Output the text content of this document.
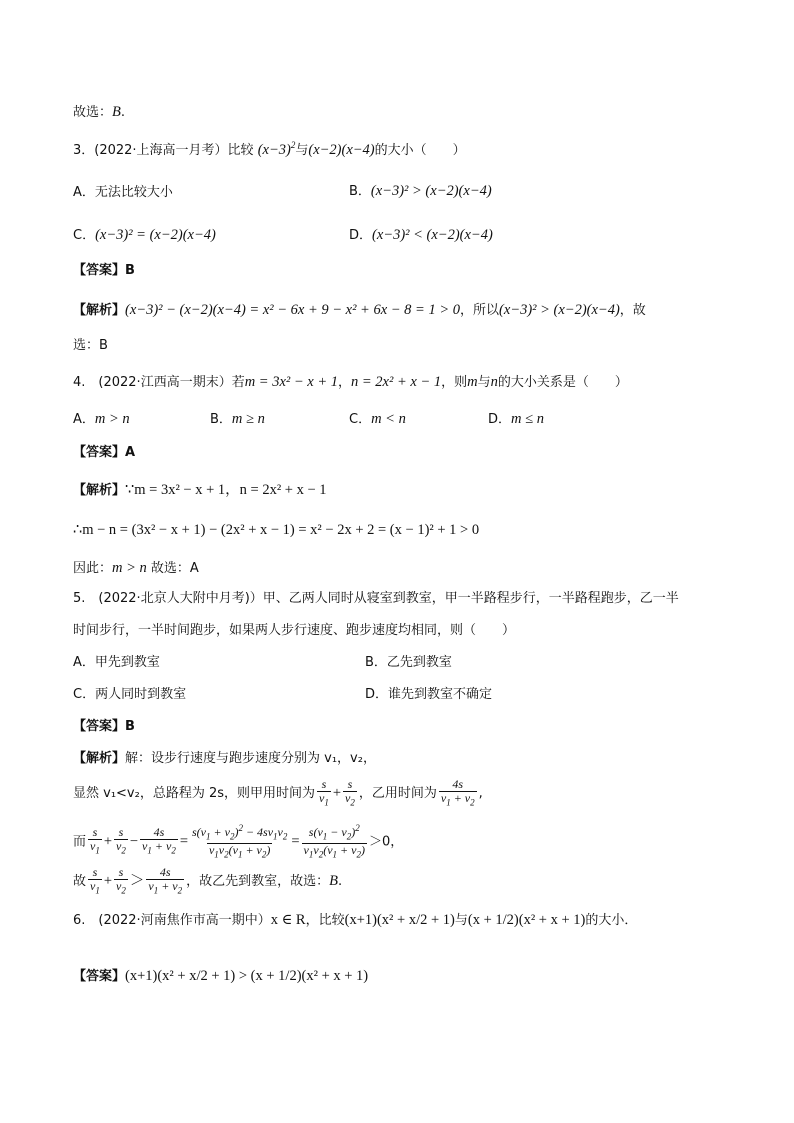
故选：B.
3．(2022·上海高一月考）比较 $(x-3)^2$与(x−2)(x−4)的大小（　　）
A．无法比较大小	B．(x−3)² > (x−2)(x−4)
C．(x−3)² = (x−2)(x−4)	D．(x−3)² < (x−2)(x−4)
【答案】B
【解析】(x−3)² − (x−2)(x−4) = x² − 6x + 9 − x² + 6x − 8 = 1 > 0，所以(x−3)² > (x−2)(x−4)，故
选：B
4.　(2022·江西高一期末）若m = 3x² − x + 1，n = 2x² + x − 1，则m与n的大小关系是（　　）
A．m > n	B．m ≥ n	C．m < n	D．m ≤ n
【答案】A
【解析】∵m = 3x² − x + 1，n = 2x² + x − 1
∴m − n = (3x² − x + 1) − (2x² + x − 1) = x² − 2x + 2 = (x − 1)² + 1 > 0
因此：m > n 故选：A
5.　(2022·北京人大附中月考)）甲、乙两人同时从寝室到教室，甲一半路程步行，一半路程跑步，乙一半
时间步行，一半时间跑步，如果两人步行速度、跑步速度均相同，则（　　）
A．甲先到教室	B．乙先到教室
C．两人同时到教室	D．谁先到教室不确定
【答案】B
【解析】解：设步行速度与跑步速度分别为 v₁，v₂，
显然 v₁<v₂，总路程为 2s，则甲用时间为 $\frac{s}{v_1} + \frac{s}{v_2}$ ，乙用时间为 $\frac{4s}{v_1 + v_2}$ ,
而 $\frac{s}{v_1} + \frac{s}{v_2} - \frac{4s}{v_1 + v_2} = \frac{s(v_1 + v_2)^2 - 4sv_1v_2}{v_1v_2(v_1 + v_2)} = \frac{s(v_1 - v_2)^2}{v_1v_2(v_1 + v_2)} >0$，
故 $\frac{s}{v_1} + \frac{s}{v_2} > \frac{4s}{v_1 + v_2}$ ，故乙先到教室，故选：B.
6.　(2022·河南焦作市高一期中）x ∈ R，比较(x+1)(x² + x/2 + 1)与(x + 1/2)(x² + x + 1)的大小．
【答案】(x+1)(x² + x/2 + 1) > (x + 1/2)(x² + x + 1)
